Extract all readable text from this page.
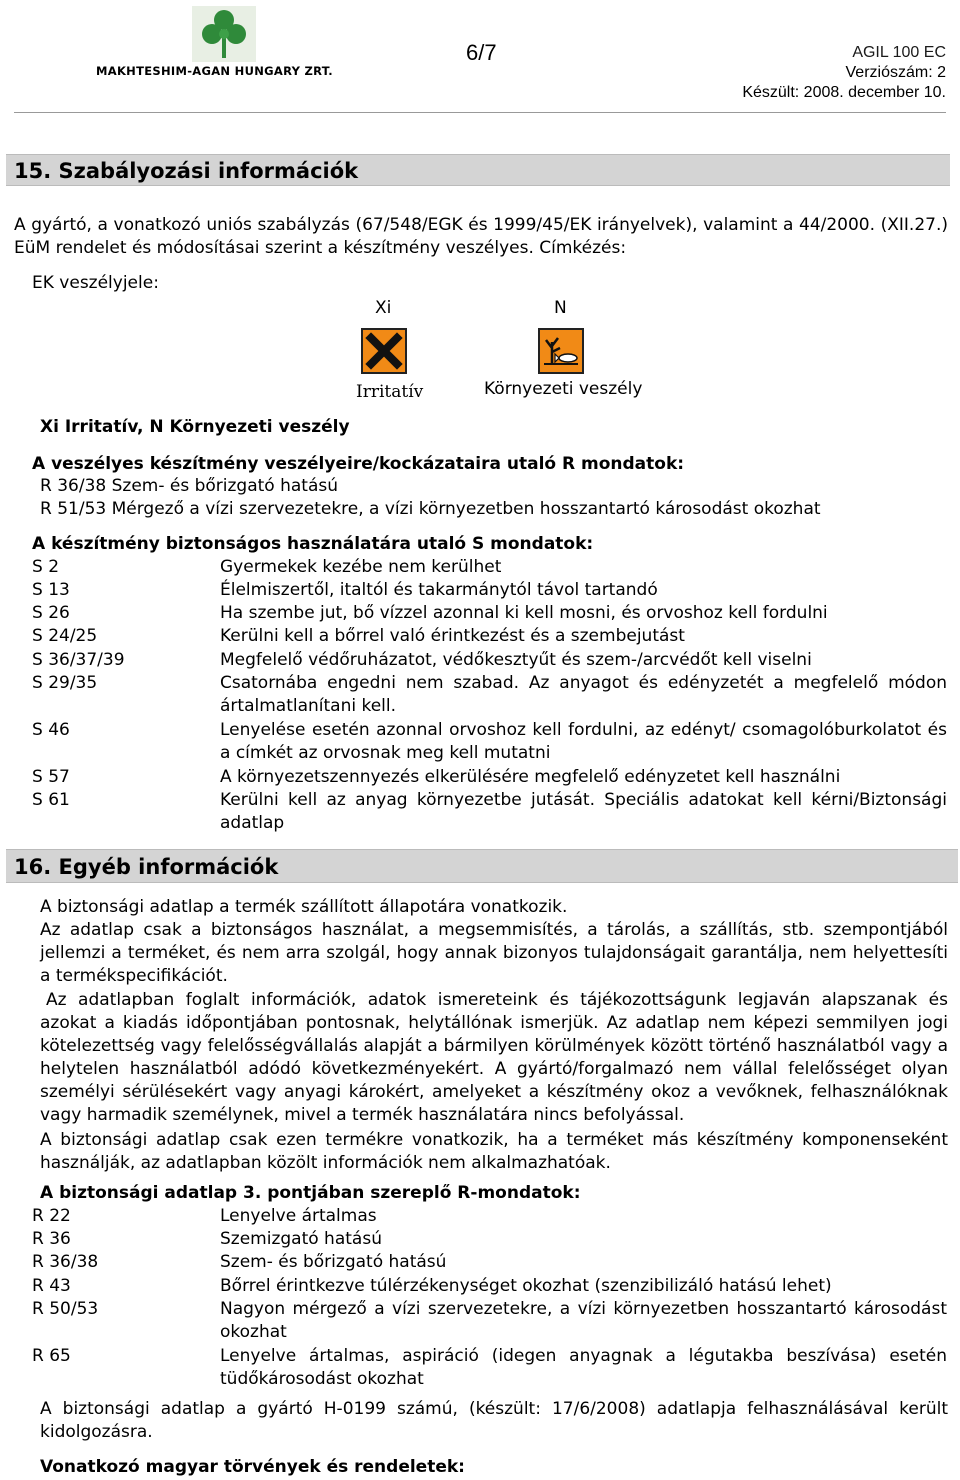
MAKHTESHIM-AGAN HUNGARY ZRT.
6/7	AGIL 100 EC
Verziószám: 2
Készült: 2008. december 10.
15. Szabályozási információk
A gyártó, a vonatkozó uniós szabályzás (67/548/EGK és 1999/45/EK irányelvek), valamint a 44/2000. (XII.27.) EüM rendelet és módosításai szerint a készítmény veszélyes. Címkézés:
EK veszélyjele:
Xi	N
Irritatív	Környezeti veszély
Xi Irritatív, N Környezeti veszély
A veszélyes készítmény veszélyeire/kockázataira utaló R mondatok:
R 36/38 Szem- és bőrizgató hatású
R 51/53 Mérgező a vízi szervezetekre, a vízi környezetben hosszantartó károsodást okozhat
A készítmény biztonságos használatára utaló S mondatok:
S 2	Gyermekek kezébe nem kerülhet
S 13	Élelmiszertől, italtól és takarmánytól távol tartandó
S 26	Ha szembe jut, bő vízzel azonnal ki kell mosni, és orvoshoz kell fordulni
S 24/25	Kerülni kell a bőrrel való érintkezést és a szembejutást
S 36/37/39	Megfelelő védőruházatot, védőkesztyűt és szem-/arcvédőt kell viselni
S 29/35	Csatornába engedni nem szabad. Az anyagot és edényzetét a megfelelő módon ártalmatlanítani kell.
S 46	Lenyelése esetén azonnal orvoshoz kell fordulni, az edényt/ csomagolóburkolatot és a címkét az orvosnak meg kell mutatni
S 57	A környezetszennyezés elkerülésére megfelelő edényzetet kell használni
S 61	Kerülni kell az anyag környezetbe jutását. Speciális adatokat kell kérni/Biztonsági adatlap
16. Egyéb információk
A biztonsági adatlap a termék szállított állapotára vonatkozik.
Az adatlap csak a biztonságos használat, a megsemmisítés, a tárolás, a szállítás, stb. szempontjából jellemzi a terméket, és nem arra szolgál, hogy annak bizonyos tulajdonságait garantálja, nem helyettesíti a termékspecifikációt.
Az adatlapban foglalt információk, adatok ismereteink és tájékozottságunk legjaván alapszanak és azokat a kiadás időpontjában pontosnak, helytállónak ismerjük. Az adatlap nem képezi semmilyen jogi kötelezettség vagy felelősségvállalás alapját a bármilyen körülmények között történő használatból vagy a helytelen használatból adódó következményekért. A gyártó/forgalmazó nem vállal felelősséget olyan személyi sérülésekért vagy anyagi károkért, amelyeket a készítmény okoz a vevőknek, felhasználóknak vagy harmadik személynek, mivel a termék használatára nincs befolyással.
A biztonsági adatlap csak ezen termékre vonatkozik, ha a terméket más készítmény komponenseként használják, az adatlapban közölt információk nem alkalmazhatóak.
A biztonsági adatlap 3. pontjában szereplő R-mondatok:
R 22	Lenyelve ártalmas
R 36	Szemizgató hatású
R 36/38	Szem- és bőrizgató hatású
R 43	Bőrrel érintkezve túlérzékenységet okozhat (szenzibilizáló hatású lehet)
R 50/53	Nagyon mérgező a vízi szervezetekre, a vízi környezetben hosszantartó károsodást okozhat
R 65	Lenyelve ártalmas, aspiráció (idegen anyagnak a légutakba beszívása) esetén tüdőkárosodást okozhat
A biztonsági adatlap a gyártó H-0199 számú, (készült: 17/6/2008) adatlapja felhasználásával került kidolgozásra.
Vonatkozó magyar törvények és rendeletek:
